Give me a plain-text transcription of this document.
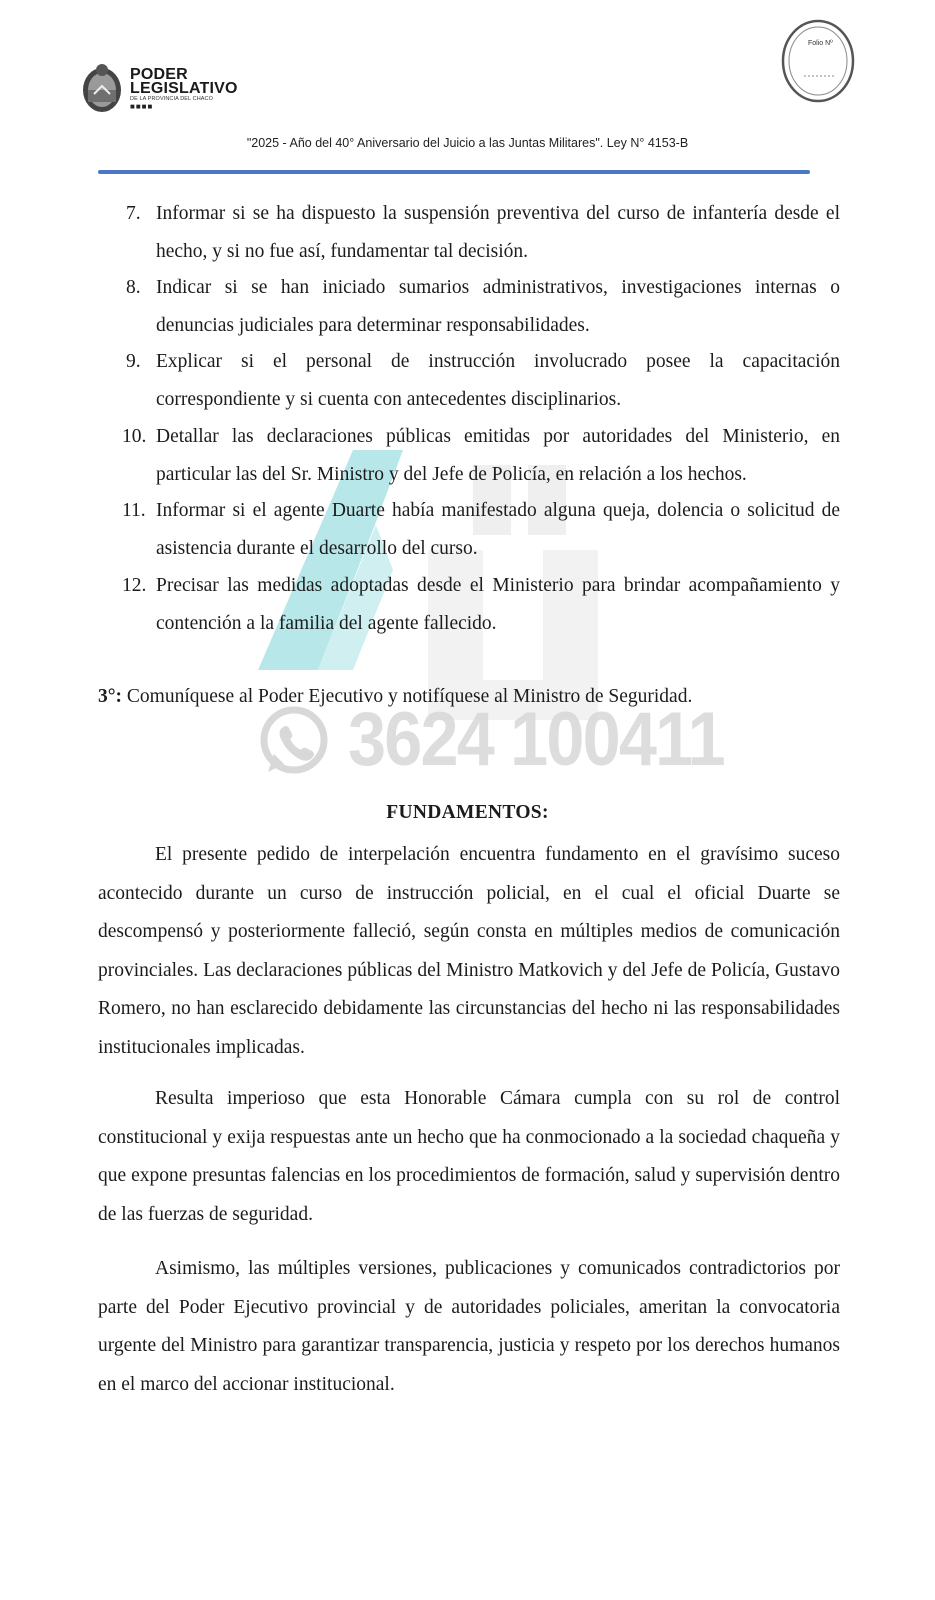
3624 100411
PODER
LEGISLATIVO
DE LA PROVINCIA DEL CHACO
■■■■
Folio Nº
"2025 - Año del 40° Aniversario del Juicio a las Juntas Militares". Ley N° 4153-B
7. Informar si se ha dispuesto la suspensión preventiva del curso de infantería desde el hecho, y si no fue así, fundamentar tal decisión.
8. Indicar si se han iniciado sumarios administrativos, investigaciones internas o denuncias judiciales para determinar responsabilidades.
9. Explicar si el personal de instrucción involucrado posee la capacitación correspondiente y si cuenta con antecedentes disciplinarios.
10. Detallar las declaraciones públicas emitidas por autoridades del Ministerio, en particular las del Sr. Ministro y del Jefe de Policía, en relación a los hechos.
11. Informar si el agente Duarte había manifestado alguna queja, dolencia o solicitud de asistencia durante el desarrollo del curso.
12. Precisar las medidas adoptadas desde el Ministerio para brindar acompañamiento y contención a la familia del agente fallecido.
3°: Comuníquese al Poder Ejecutivo y notifíquese al Ministro de Seguridad.
FUNDAMENTOS:
El presente pedido de interpelación encuentra fundamento en el gravísimo suceso acontecido durante un curso de instrucción policial, en el cual el oficial Duarte se descompensó y posteriormente falleció, según consta en múltiples medios de comunicación provinciales. Las declaraciones públicas del Ministro Matkovich y del Jefe de Policía, Gustavo Romero, no han esclarecido debidamente las circunstancias del hecho ni las responsabilidades institucionales implicadas.
Resulta imperioso que esta Honorable Cámara cumpla con su rol de control constitucional y exija respuestas ante un hecho que ha conmocionado a la sociedad chaqueña y que expone presuntas falencias en los procedimientos de formación, salud y supervisión dentro de las fuerzas de seguridad.
Asimismo, las múltiples versiones, publicaciones y comunicados contradictorios por parte del Poder Ejecutivo provincial y de autoridades policiales, ameritan la convocatoria urgente del Ministro para garantizar transparencia, justicia y respeto por los derechos humanos en el marco del accionar institucional.
